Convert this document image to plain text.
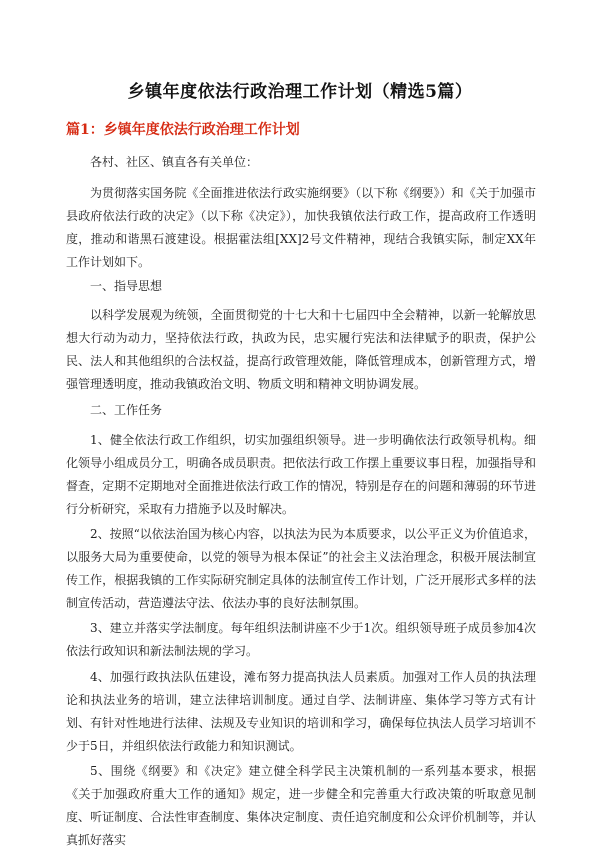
乡镇年度依法行政治理工作计划（精选5篇）
篇1：乡镇年度依法行政治理工作计划

各村、社区、镇直各有关单位：

为贯彻落实国务院《全面推进依法行政实施纲要》（以下称《纲要》）和《关于加强市县政府依法行政的决定》（以下称《决定》），加快我镇依法行政工作，提高政府工作透明度，推动和谐黑石渡建设。根据霍法组[XX]2号文件精神，现结合我镇实际，制定XX年工作计划如下。

一、指导思想

以科学发展观为统领，全面贯彻党的十七大和十七届四中全会精神，以新一轮解放思想大行动为动力，坚持依法行政，执政为民，忠实履行宪法和法律赋予的职责，保护公民、法人和其他组织的合法权益，提高行政管理效能，降低管理成本，创新管理方式，增强管理透明度，推动我镇政治文明、物质文明和精神文明协调发展。

二、工作任务

1、健全依法行政工作组织，切实加强组织领导。进一步明确依法行政领导机构。细化领导小组成员分工，明确各成员职责。把依法行政工作摆上重要议事日程，加强指导和督查，定期不定期地对全面推进依法行政工作的情况，特别是存在的问题和薄弱的环节进行分析研究，采取有力措施予以及时解决。

2、按照“以依法治国为核心内容，以执法为民为本质要求，以公平正义为价值追求，以服务大局为重要使命，以党的领导为根本保证”的社会主义法治理念，积极开展法制宣传工作，根据我镇的工作实际研究制定具体的法制宣传工作计划，广泛开展形式多样的法制宣传活动，营造遵法守法、依法办事的良好法制氛围。

3、建立并落实学法制度。每年组织法制讲座不少于1次。组织领导班子成员参加4次依法行政知识和新法制法规的学习。

4、加强行政执法队伍建设，滩布努力提高执法人员素质。加强对工作人员的执法理论和执法业务的培训，建立法律培训制度。通过自学、法制讲座、集体学习等方式有计划、有针对性地进行法律、法规及专业知识的培训和学习，确保每位执法人员学习培训不少于5日，并组织依法行政能力和知识测试。

5、围绕《纲要》和《决定》建立健全科学民主决策机制的一系列基本要求，根据《关于加强政府重大工作的通知》规定，进一步健全和完善重大行政决策的听取意见制度、听证制度、合法性审查制度、集体决定制度、责任追究制度和公众评价机制等，并认真抓好落实
